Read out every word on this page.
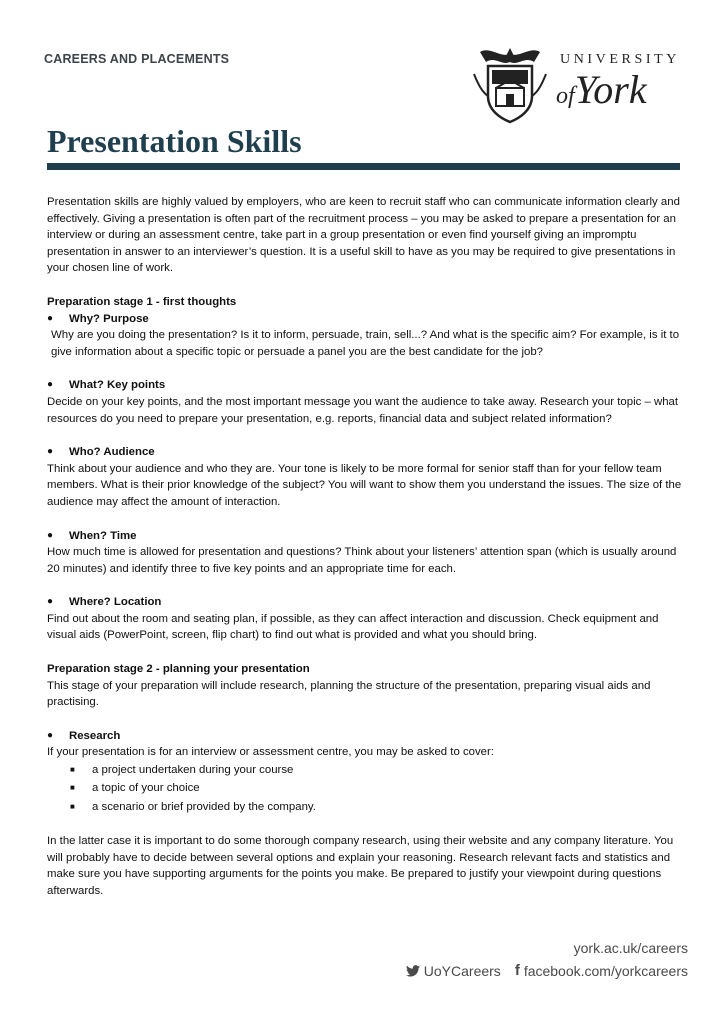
CAREERS AND PLACEMENTS	UNIVERSITY
ofYork
Presentation Skills

Presentation skills are highly valued by employers, who are keen to recruit staff who can communicate information clearly and effectively. Giving a presentation is often part of the recruitment process – you may be asked to prepare a presentation for an interview or during an assessment centre, take part in a group presentation or even find yourself giving an impromptu presentation in answer to an interviewer’s question. It is a useful skill to have as you may be required to give presentations in your chosen line of work.

Preparation stage 1 - first thoughts

●	Why? Purpose

Why are you doing the presentation? Is it to inform, persuade, train, sell...? And what is the specific aim? For example, is it to give information about a specific topic or persuade a panel you are the best candidate for the job?

●	What? Key points

Decide on your key points, and the most important message you want the audience to take away. Research your topic – what resources do you need to prepare your presentation, e.g. reports, financial data and subject related information?

●	Who? Audience

Think about your audience and who they are. Your tone is likely to be more formal for senior staff than for your fellow team members. What is their prior knowledge of the subject? You will want to show them you understand the issues. The size of the audience may affect the amount of interaction.

●	When? Time

How much time is allowed for presentation and questions? Think about your listeners’ attention span (which is usually around 20 minutes) and identify three to five key points and an appropriate time for each.

●	Where? Location

Find out about the room and seating plan, if possible, as they can affect interaction and discussion. Check equipment and visual aids (PowerPoint, screen, flip chart) to find out what is provided and what you should bring.

Preparation stage 2 - planning your presentation

This stage of your preparation will include research, planning the structure of the presentation, preparing visual aids and practising.

●	Research

If your presentation is for an interview or assessment centre, you may be asked to cover:

■	a project undertaken during your course
■	a topic of your choice
■	a scenario or brief provided by the company.

In the latter case it is important to do some thorough company research, using their website and any company literature. You will probably have to decide between several options and explain your reasoning. Research relevant facts and statistics and make sure you have supporting arguments for the points you make. Be prepared to justify your viewpoint during questions afterwards.

york.ac.uk/careers
UoYCareers f facebook.com/yorkcareers
